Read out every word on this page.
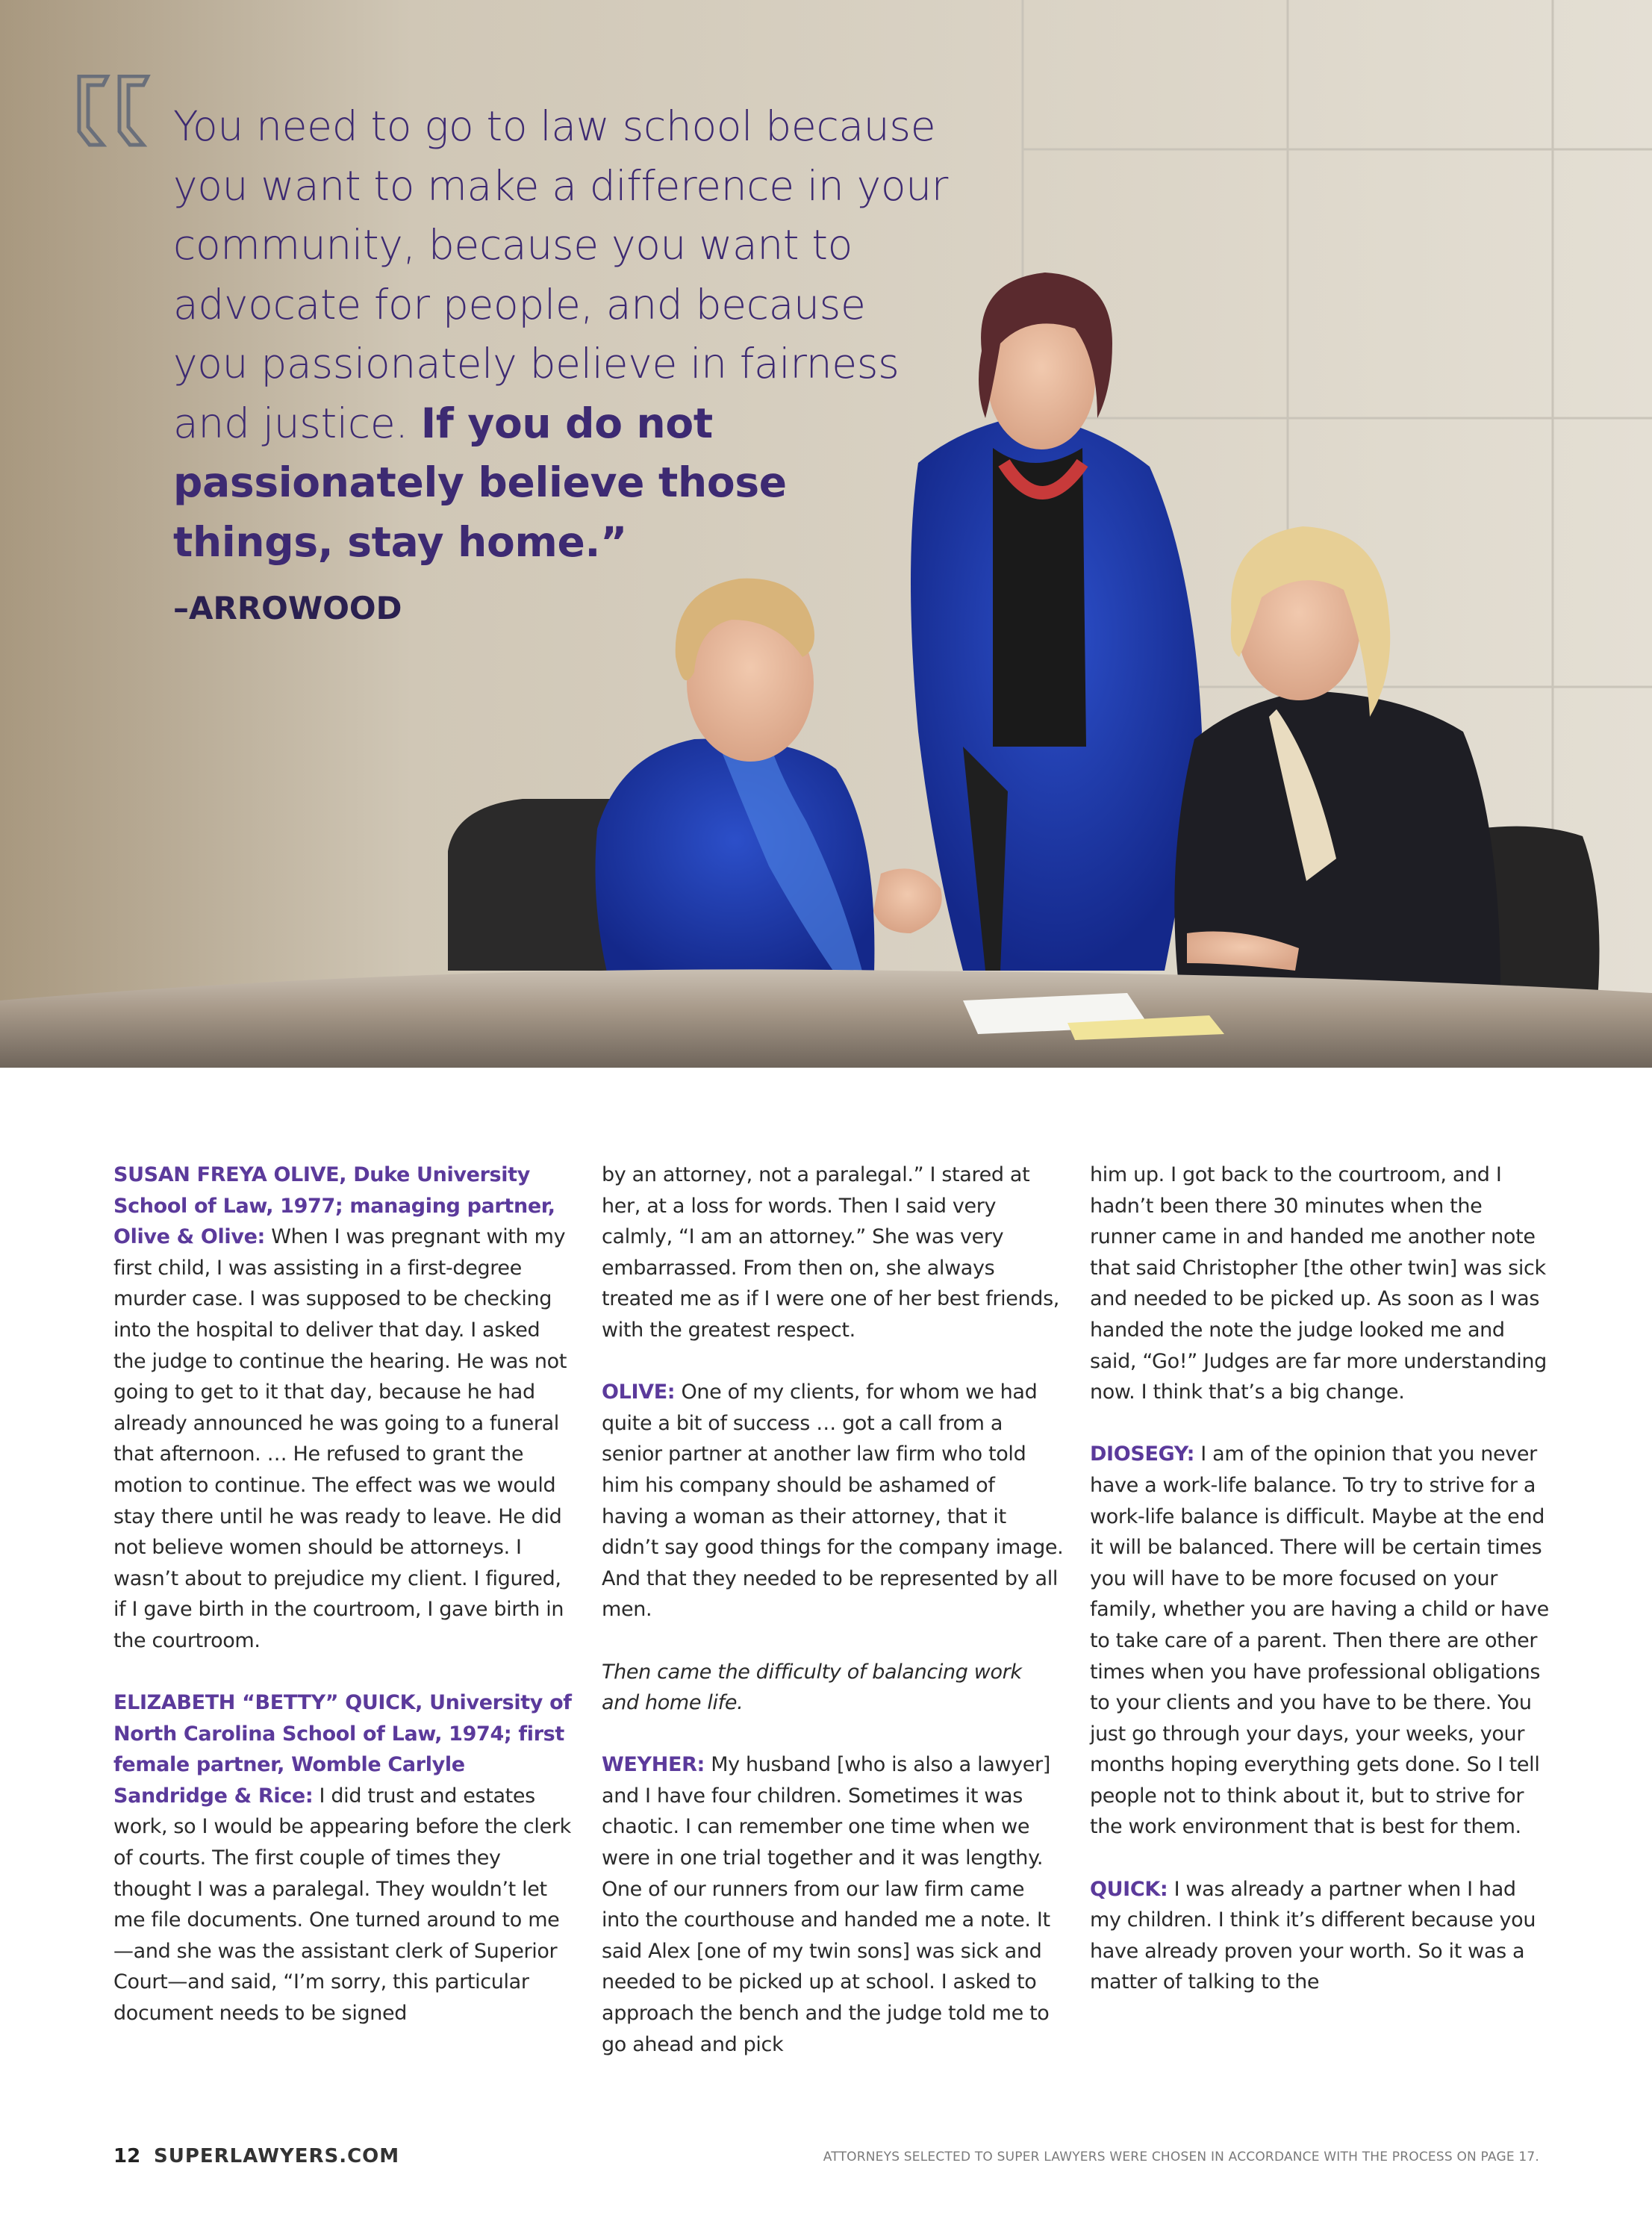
You need to go to law school because
you want to make a difference in your
community, because you want to
advocate for people, and because
you passionately believe in fairness
and justice. If you do not
passionately believe those
things, stay home.”
–ARROWOOD

SUSAN FREYA OLIVE, Duke University School of Law, 1977; managing partner, Olive & Olive: When I was pregnant with my first child, I was assisting in a first-degree murder case. I was supposed to be checking into the hospital to deliver that day. I asked the judge to continue the hearing. He was not going to get to it that day, because he had already announced he was going to a funeral that afternoon. … He refused to grant the motion to continue. The effect was we would stay there until he was ready to leave. He did not believe women should be attorneys. I wasn’t about to prejudice my client. I figured, if I gave birth in the courtroom, I gave birth in the courtroom.

ELIZABETH “BETTY” QUICK, University of North Carolina School of Law, 1974; first female partner, Womble Carlyle Sandridge & Rice: I did trust and estates work, so I would be appearing before the clerk of courts. The first couple of times they thought I was a paralegal. They wouldn’t let me file documents. One turned around to me—and she was the assistant clerk of Superior Court—and said, “I’m sorry, this particular document needs to be signed

by an attorney, not a paralegal.” I stared at her, at a loss for words. Then I said very calmly, “I am an attorney.” She was very embarrassed. From then on, she always treated me as if I were one of her best friends, with the greatest respect.

OLIVE: One of my clients, for whom we had quite a bit of success … got a call from a senior partner at another law firm who told him his company should be ashamed of having a woman as their attorney, that it didn’t say good things for the company image. And that they needed to be represented by all men.

Then came the difficulty of balancing work and home life.

WEYHER: My husband [who is also a lawyer] and I have four children. Sometimes it was chaotic. I can remember one time when we were in one trial together and it was lengthy. One of our runners from our law firm came into the courthouse and handed me a note. It said Alex [one of my twin sons] was sick and needed to be picked up at school. I asked to approach the bench and the judge told me to go ahead and pick

him up. I got back to the courtroom, and I hadn’t been there 30 minutes when the runner came in and handed me another note that said Christopher [the other twin] was sick and needed to be picked up. As soon as I was handed the note the judge looked me and said, “Go!” Judges are far more understanding now. I think that’s a big change.

DIOSEGY: I am of the opinion that you never have a work-life balance. To try to strive for a work-life balance is difficult. Maybe at the end it will be balanced. There will be certain times you will have to be more focused on your family, whether you are having a child or have to take care of a parent. Then there are other times when you have professional obligations to your clients and you have to be there. You just go through your days, your weeks, your months hoping everything gets done. So I tell people not to think about it, but to strive for the work environment that is best for them.

QUICK: I was already a partner when I had my children. I think it’s different because you have already proven your worth. So it was a matter of talking to the

12 SUPERLAWYERS.COM	ATTORNEYS SELECTED TO SUPER LAWYERS WERE CHOSEN IN ACCORDANCE WITH THE PROCESS ON PAGE 17.
